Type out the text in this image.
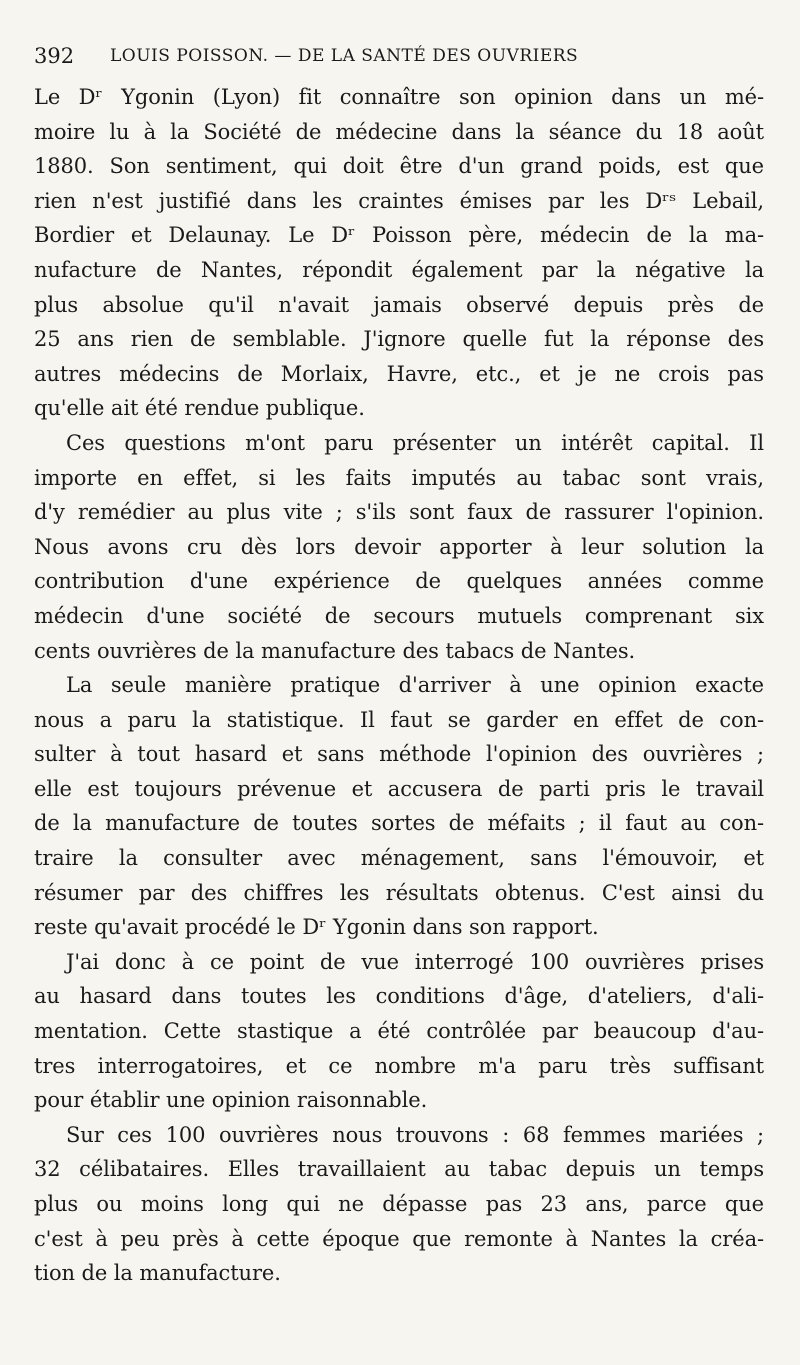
392 LOUIS POISSON. — DE LA SANTÉ DES OUVRIERS
Le Dʳ Ygonin (Lyon) fit connaître son opinion dans un mé-
moire lu à la Société de médecine dans la séance du 18 août
1880. Son sentiment, qui doit être d'un grand poids, est que
rien n'est justifié dans les craintes émises par les Dʳˢ Lebail,
Bordier et Delaunay. Le Dʳ Poisson père, médecin de la ma-
nufacture de Nantes, répondit également par la négative la
plus absolue qu'il n'avait jamais observé depuis près de
25 ans rien de semblable. J'ignore quelle fut la réponse des
autres médecins de Morlaix, Havre, etc., et je ne crois pas
qu'elle ait été rendue publique.
Ces questions m'ont paru présenter un intérêt capital. Il
importe en effet, si les faits imputés au tabac sont vrais,
d'y remédier au plus vite ; s'ils sont faux de rassurer l'opinion.
Nous avons cru dès lors devoir apporter à leur solution la
contribution d'une expérience de quelques années comme
médecin d'une société de secours mutuels comprenant six
cents ouvrières de la manufacture des tabacs de Nantes.
La seule manière pratique d'arriver à une opinion exacte
nous a paru la statistique. Il faut se garder en effet de con-
sulter à tout hasard et sans méthode l'opinion des ouvrières ;
elle est toujours prévenue et accusera de parti pris le travail
de la manufacture de toutes sortes de méfaits ; il faut au con-
traire la consulter avec ménagement, sans l'émouvoir, et
résumer par des chiffres les résultats obtenus. C'est ainsi du
reste qu'avait procédé le Dʳ Ygonin dans son rapport.
J'ai donc à ce point de vue interrogé 100 ouvrières prises
au hasard dans toutes les conditions d'âge, d'ateliers, d'ali-
mentation. Cette stastique a été contrôlée par beaucoup d'au-
tres interrogatoires, et ce nombre m'a paru très suffisant
pour établir une opinion raisonnable.
Sur ces 100 ouvrières nous trouvons : 68 femmes mariées ;
32 célibataires. Elles travaillaient au tabac depuis un temps
plus ou moins long qui ne dépasse pas 23 ans, parce que
c'est à peu près à cette époque que remonte à Nantes la créa-
tion de la manufacture.
